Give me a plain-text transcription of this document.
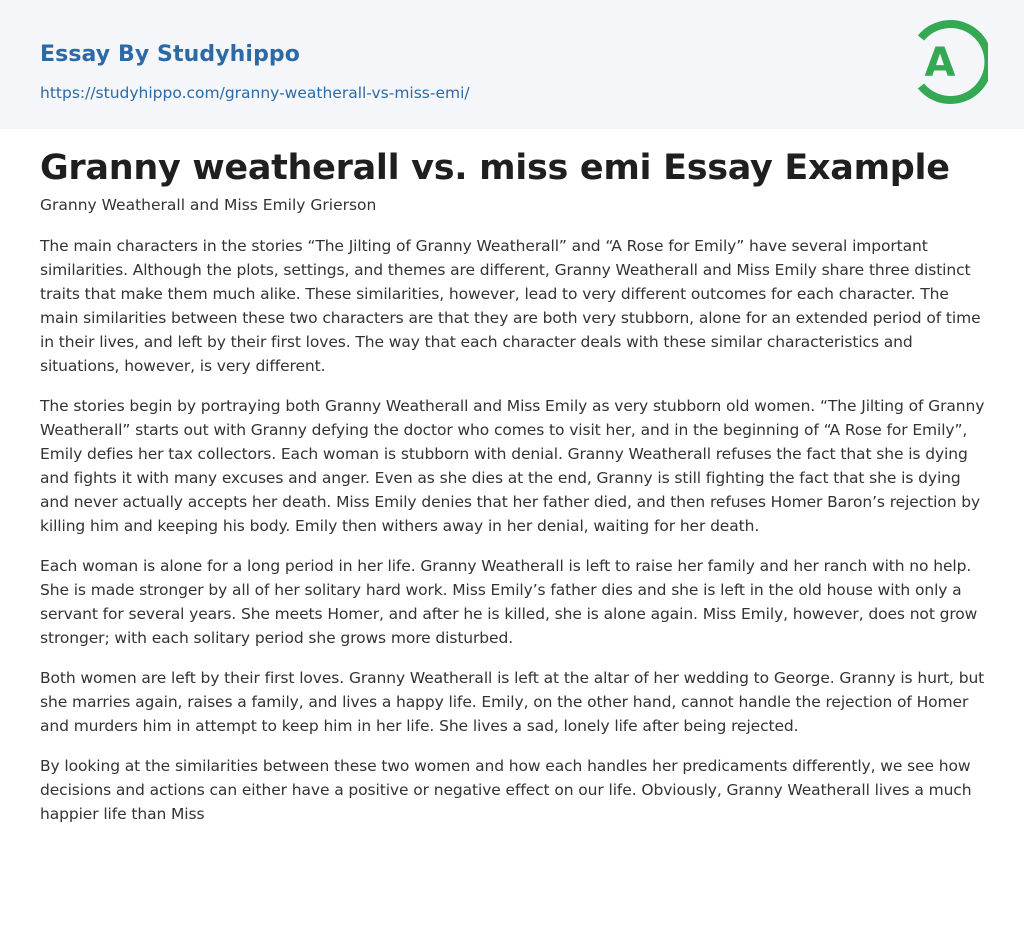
Essay By Studyhippo
https://studyhippo.com/granny-weatherall-vs-miss-emi/
A
Granny weatherall vs. miss emi Essay Example

Granny Weatherall and Miss Emily Grierson

The main characters in the stories “The Jilting of Granny Weatherall” and “A Rose for Emily” have several important similarities. Although the plots, settings, and themes are different, Granny Weatherall and Miss Emily share three distinct traits that make them much alike. These similarities, however, lead to very different outcomes for each character. The main similarities between these two characters are that they are both very stubborn, alone for an extended period of time in their lives, and left by their first loves. The way that each character deals with these similar characteristics and situations, however, is very different.

The stories begin by portraying both Granny Weatherall and Miss Emily as very stubborn old women. “The Jilting of Granny Weatherall” starts out with Granny defying the doctor who comes to visit her, and in the beginning of “A Rose for Emily”, Emily defies her tax collectors. Each woman is stubborn with denial. Granny Weatherall refuses the fact that she is dying and fights it with many excuses and anger. Even as she dies at the end, Granny is still fighting the fact that she is dying and never actually accepts her death. Miss Emily denies that her father died, and then refuses Homer Baron’s rejection by killing him and keeping his body. Emily then withers away in her denial, waiting for her death.

Each woman is alone for a long period in her life. Granny Weatherall is left to raise her family and her ranch with no help. She is made stronger by all of her solitary hard work. Miss Emily’s father dies and she is left in the old house with only a servant for several years. She meets Homer, and after he is killed, she is alone again. Miss Emily, however, does not grow stronger; with each solitary period she grows more disturbed.

Both women are left by their first loves. Granny Weatherall is left at the altar of her wedding to George. Granny is hurt, but she marries again, raises a family, and lives a happy life. Emily, on the other hand, cannot handle the rejection of Homer and murders him in attempt to keep him in her life. She lives a sad, lonely life after being rejected.

By looking at the similarities between these two women and how each handles her predicaments differently, we see how decisions and actions can either have a positive or negative effect on our life. Obviously, Granny Weatherall lives a much happier life than Miss
